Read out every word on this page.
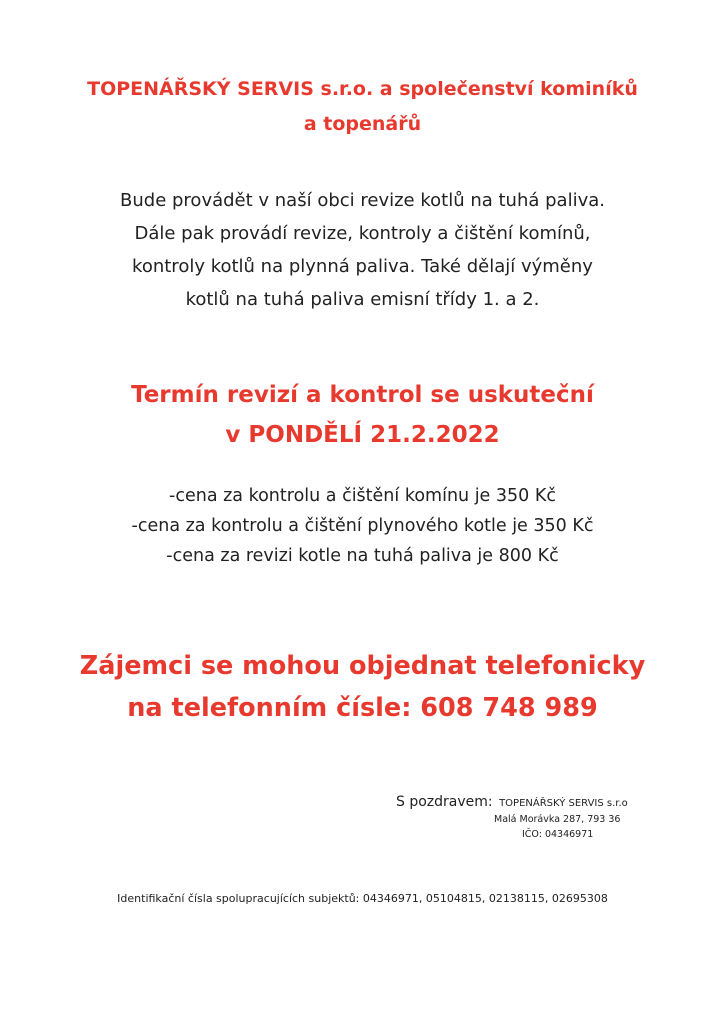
TOPENÁŘSKÝ SERVIS s.r.o. a společenství kominíků
a topenářů
Bude provádět v naší obci revize kotlů na tuhá paliva.
Dále pak provádí revize, kontroly a čištění komínů,
kontroly kotlů na plynná paliva. Také dělají výměny
kotlů na tuhá paliva emisní třídy 1. a 2.
Termín revizí a kontrol se uskuteční
v PONDĚLÍ 21.2.2022
-cena za kontrolu a čištění komínu je 350 Kč
-cena za kontrolu a čištění plynového kotle je 350 Kč
-cena za revizi kotle na tuhá paliva je 800 Kč
Zájemci se mohou objednat telefonicky
na telefonním čísle: 608 748 989
S pozdravem: TOPENÁŘSKÝ SERVIS s.r.o
Malá Morávka 287, 793 36
IČO: 04346971
Identifikační čísla spolupracujících subjektů: 04346971, 05104815, 02138115, 02695308
